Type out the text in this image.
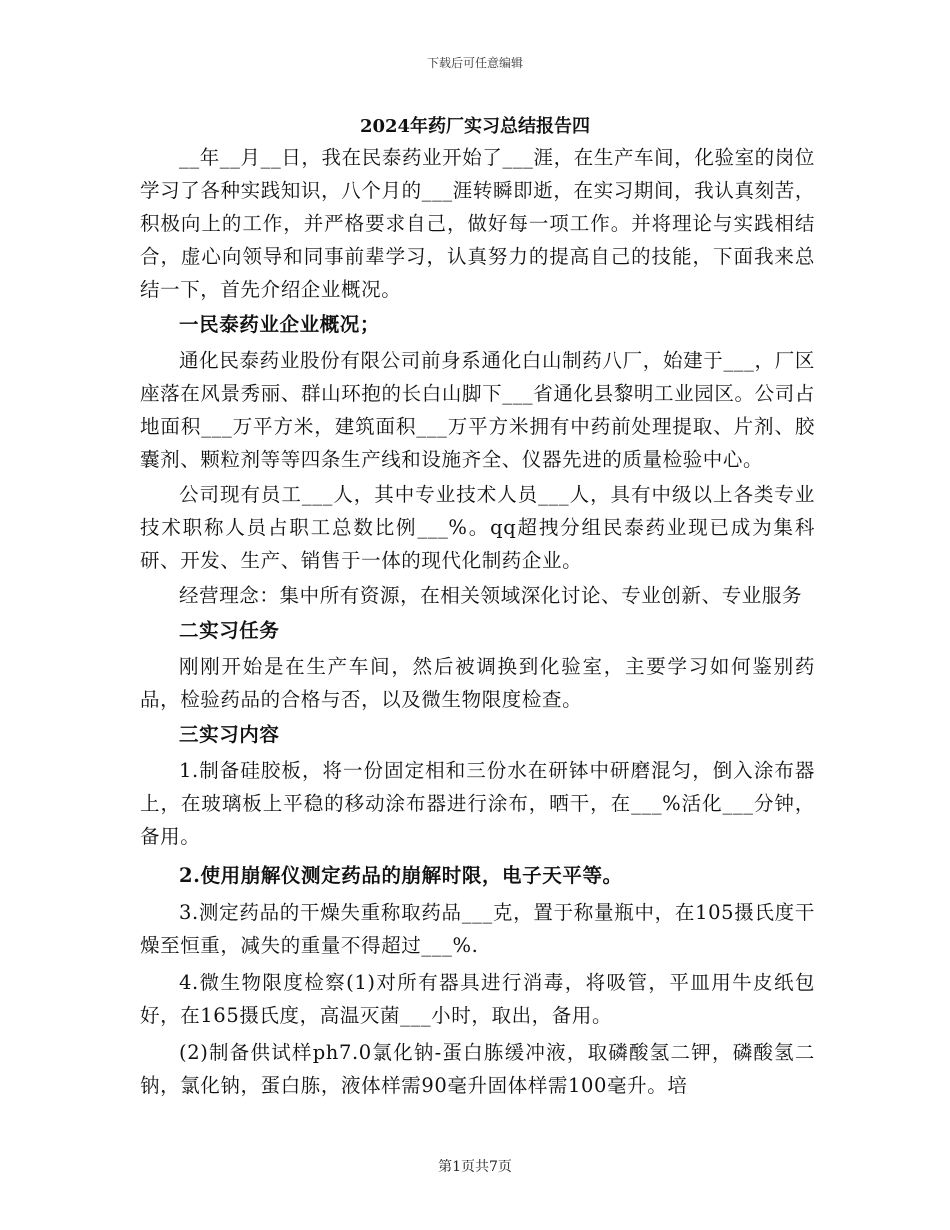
下载后可任意编辑
2024年药厂实习总结报告四

__年__月__日，我在民泰药业开始了___涯，在生产车间，化验室的岗位学习了各种实践知识，八个月的___涯转瞬即逝，在实习期间，我认真刻苦，积极向上的工作，并严格要求自己，做好每一项工作。并将理论与实践相结合，虚心向领导和同事前辈学习，认真努力的提高自己的技能，下面我来总结一下，首先介绍企业概况。

一民泰药业企业概况；

通化民泰药业股份有限公司前身系通化白山制药八厂，始建于___，厂区座落在风景秀丽、群山环抱的长白山脚下___省通化县黎明工业园区。公司占地面积___万平方米，建筑面积___万平方米拥有中药前处理提取、片剂、胶囊剂、颗粒剂等等四条生产线和设施齐全、仪器先进的质量检验中心。

公司现有员工___人，其中专业技术人员___人，具有中级以上各类专业技术职称人员占职工总数比例___%。qq超拽分组民泰药业现已成为集科研、开发、生产、销售于一体的现代化制药企业。

经营理念：集中所有资源，在相关领域深化讨论、专业创新、专业服务

二实习任务

刚刚开始是在生产车间，然后被调换到化验室，主要学习如何鉴别药品，检验药品的合格与否，以及微生物限度检查。

三实习内容

1.制备硅胶板，将一份固定相和三份水在研钵中研磨混匀，倒入涂布器上，在玻璃板上平稳的移动涂布器进行涂布，晒干，在___%活化___分钟，备用。

2.使用崩解仪测定药品的崩解时限，电子天平等。

3.测定药品的干燥失重称取药品___克，置于称量瓶中，在105摄氏度干燥至恒重，减失的重量不得超过___%.

4.微生物限度检察(1)对所有器具进行消毒，将吸管，平皿用牛皮纸包好，在165摄氏度，高温灭菌___小时，取出，备用。

(2)制备供试样ph7.0氯化钠-蛋白胨缓冲液，取磷酸氢二钾，磷酸氢二钠，氯化钠，蛋白胨，液体样需90毫升固体样需100毫升。培

第1页共7页
